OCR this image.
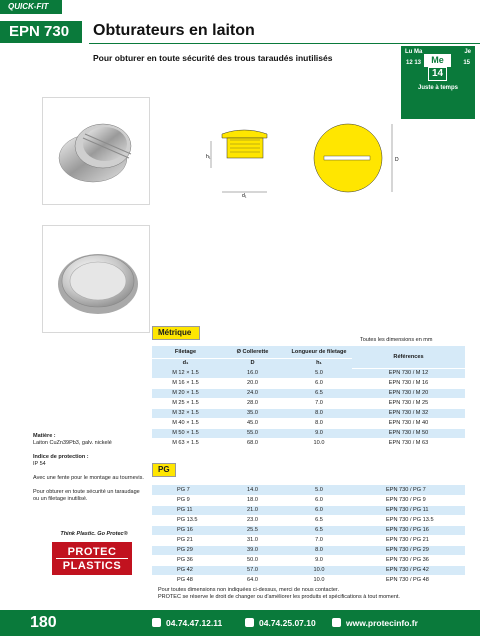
QUICK-FIT
EPN 730	Obturateurs en laiton
Pour obturer en toute sécurité des trous taraudés inutilisés
Lu Ma	Je
12 13	15
Me
14
Juste à temps
h₁
d₁
D

Matière :
Laiton CuZn39Pb3, galv. nickelé

Indice de protection :
IP 54

Avec une fente pour le montage au tournevis.

Pour obturer en toute sécurité un taraudage ou un filetage inutilisé.

Think Plastic. Go Protec®
PROTEC
PLASTICS
Métrique
Toutes les dimensions en mm
Filetage	Ø Collerette	Longueur de filetage	Références
d₁	D	h₁	
M 12 × 1.5	16.0	5.0	EPN 730 / M 12
M 16 × 1.5	20.0	6.0	EPN 730 / M 16
M 20 × 1.5	24.0	6.5	EPN 730 / M 20
M 25 × 1.5	28.0	7.0	EPN 730 / M 25
M 32 × 1.5	35.0	8.0	EPN 730 / M 32
M 40 × 1.5	45.0	8.0	EPN 730 / M 40
M 50 × 1.5	55.0	9.0	EPN 730 / M 50
M 63 × 1.5	68.0	10.0	EPN 730 / M 63
PG
PG 7	14.0	5.0	EPN 730 / PG 7
PG 9	18.0	6.0	EPN 730 / PG 9
PG 11	21.0	6.0	EPN 730 / PG 11
PG 13.5	23.0	6.5	EPN 730 / PG 13.5
PG 16	25.5	6.5	EPN 730 / PG 16
PG 21	31.0	7.0	EPN 730 / PG 21
PG 29	39.0	8.0	EPN 730 / PG 29
PG 36	50.0	9.0	EPN 730 / PG 36
PG 42	57.0	10.0	EPN 730 / PG 42
PG 48	64.0	10.0	EPN 730 / PG 48
Pour toutes dimensions non indiquées ci-dessus, merci de nous contacter.
PROTEC se réserve le droit de changer ou d'améliorer les produits et spécifications à tout moment.
180	04.74.47.12.11	04.74.25.07.10	www.protecinfo.fr
